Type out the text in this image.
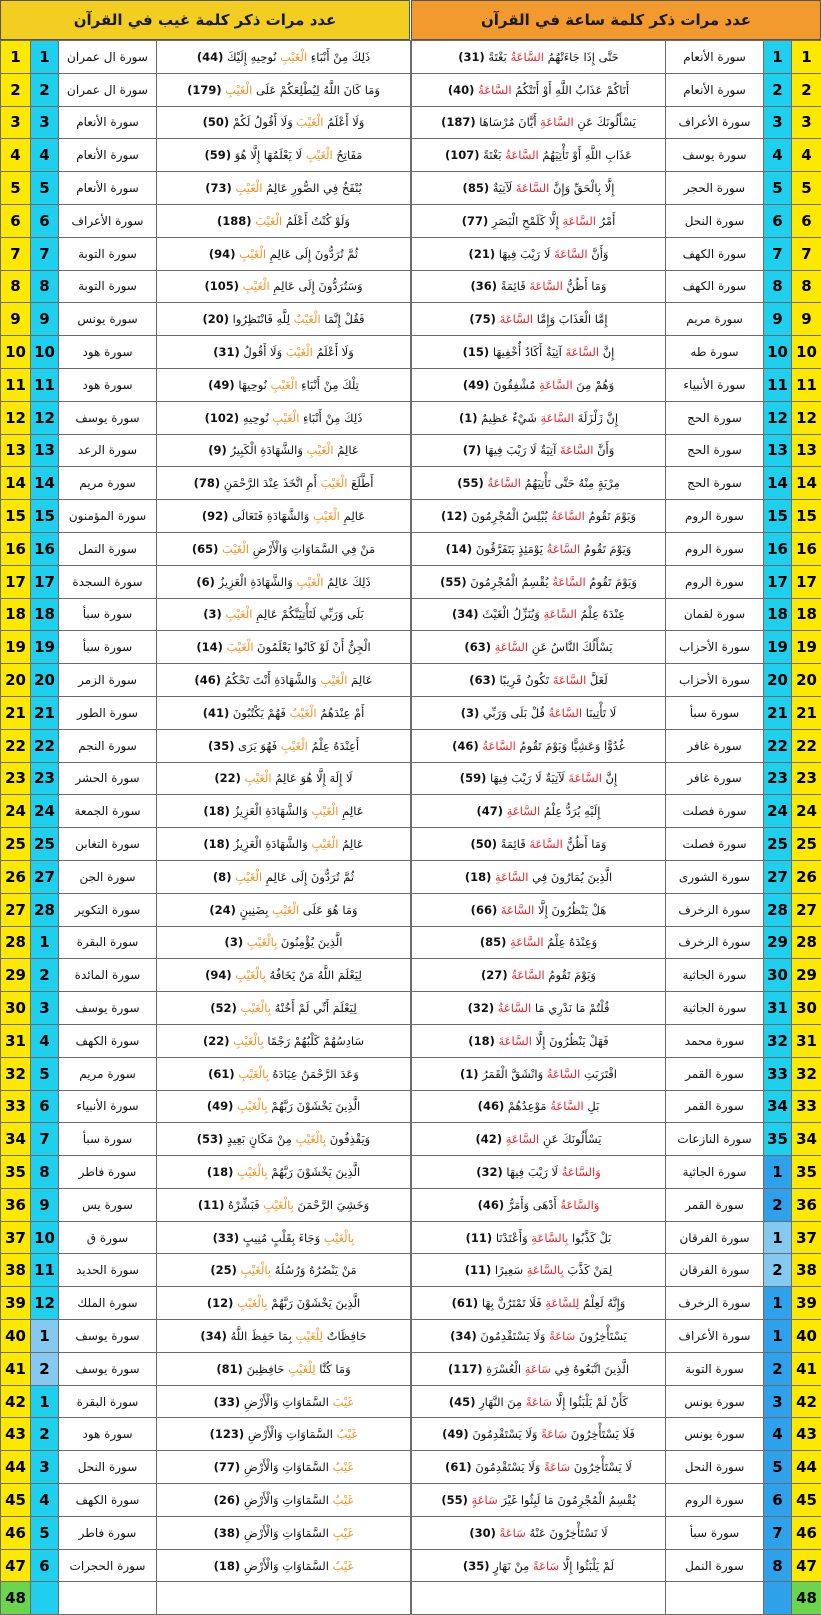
عدد مرات ذكر كلمة ساعة في القرآن
حَتَّى إِذَا جَاءَتْهُمُ السَّاعَةُ بَغْتَةً (31)	سورة الأنعام	1	1
أَتَاكُمْ عَذَابُ اللَّهِ أَوْ أَتَتْكُمُ السَّاعَةُ (40)	سورة الأنعام	2	2
يَسْأَلُونَكَ عَنِ السَّاعَةِ أَيَّانَ مُرْسَاهَا (187)	سورة الأعراف	3	3
عَذَابِ اللَّهِ أَوْ تَأْتِيَهُمُ السَّاعَةُ بَغْتَةً (107)	سورة يوسف	4	4
إِلَّا بِالْحَقِّ وَإِنَّ السَّاعَةَ لَآتِيَةٌ (85)	سورة الحجر	5	5
أَمْرُ السَّاعَةِ إِلَّا كَلَمْحِ الْبَصَرِ (77)	سورة النحل	6	6
وَأَنَّ السَّاعَةَ لَا رَيْبَ فِيهَا (21)	سورة الكهف	7	7
وَمَا أَظُنُّ السَّاعَةَ قَائِمَةً (36)	سورة الكهف	8	8
إِمَّا الْعَذَابَ وَإِمَّا السَّاعَةَ (75)	سورة مريم	9	9
إِنَّ السَّاعَةَ آتِيَةٌ أَكَادُ أُخْفِيهَا (15)	سورة طه	10	10
وَهُمْ مِنَ السَّاعَةِ مُشْفِقُونَ (49)	سورة الأنبياء	11	11
إِنَّ زَلْزَلَةَ السَّاعَةِ شَيْءٌ عَظِيمٌ (1)	سورة الحج	12	12
وَأَنَّ السَّاعَةَ آتِيَةٌ لَا رَيْبَ فِيهَا (7)	سورة الحج	13	13
مِرْيَةٍ مِنْهُ حَتَّى تَأْتِيَهُمُ السَّاعَةُ (55)	سورة الحج	14	14
وَيَوْمَ تَقُومُ السَّاعَةُ يُبْلِسُ الْمُجْرِمُونَ (12)	سورة الروم	15	15
وَيَوْمَ تَقُومُ السَّاعَةُ يَوْمَئِذٍ يَتَفَرَّقُونَ (14)	سورة الروم	16	16
وَيَوْمَ تَقُومُ السَّاعَةُ يُقْسِمُ الْمُجْرِمُونَ (55)	سورة الروم	17	17
عِنْدَهُ عِلْمُ السَّاعَةِ وَيُنَزِّلُ الْغَيْثَ (34)	سورة لقمان	18	18
يَسْأَلُكَ النَّاسُ عَنِ السَّاعَةِ (63)	سورة الأحزاب	19	19
لَعَلَّ السَّاعَةَ تَكُونُ قَرِيبًا (63)	سورة الأحزاب	20	20
لَا تَأْتِينَا السَّاعَةُ قُلْ بَلَى وَرَبِّي (3)	سورة سبأ	21	21
غُدُوًّا وَعَشِيًّا وَيَوْمَ تَقُومُ السَّاعَةُ (46)	سورة غافر	22	22
إِنَّ السَّاعَةَ لَآتِيَةٌ لَا رَيْبَ فِيهَا (59)	سورة غافر	23	23
إِلَيْهِ يُرَدُّ عِلْمُ السَّاعَةِ (47)	سورة فصلت	24	24
وَمَا أَظُنُّ السَّاعَةَ قَائِمَةً (50)	سورة فصلت	25	25
الَّذِينَ يُمَارُونَ فِي السَّاعَةِ (18)	سورة الشورى	27	26
هَلْ يَنْظُرُونَ إِلَّا السَّاعَةَ (66)	سورة الزخرف	28	27
وَعِنْدَهُ عِلْمُ السَّاعَةِ (85)	سورة الزخرف	29	28
وَيَوْمَ تَقُومُ السَّاعَةُ (27)	سورة الجاثية	30	29
قُلْتُمْ مَا نَدْرِي مَا السَّاعَةُ (32)	سورة الجاثية	31	30
فَهَلْ يَنْظُرُونَ إِلَّا السَّاعَةَ (18)	سورة محمد	32	31
اقْتَرَبَتِ السَّاعَةُ وَانْشَقَّ الْقَمَرُ (1)	سورة القمر	33	32
بَلِ السَّاعَةُ مَوْعِدُهُمْ (46)	سورة القمر	34	33
يَسْأَلُونَكَ عَنِ السَّاعَةِ (42)	سورة النازعات	35	34
وَالسَّاعَةُ لَا رَيْبَ فِيهَا (32)	سورة الجاثية	1	35
وَالسَّاعَةُ أَدْهَى وَأَمَرُّ (46)	سورة القمر	2	36
بَلْ كَذَّبُوا بِالسَّاعَةِ وَأَعْتَدْنَا (11)	سورة الفرقان	1	37
لِمَنْ كَذَّبَ بِالسَّاعَةِ سَعِيرًا (11)	سورة الفرقان	2	38
وَإِنَّهُ لَعِلْمٌ لِلسَّاعَةِ فَلَا تَمْتَرُنَّ بِهَا (61)	سورة الزخرف	1	39
يَسْتَأْخِرُونَ سَاعَةً وَلَا يَسْتَقْدِمُونَ (34)	سورة الأعراف	1	40
الَّذِينَ اتَّبَعُوهُ فِي سَاعَةِ الْعُسْرَةِ (117)	سورة التوبة	2	41
كَأَنْ لَمْ يَلْبَثُوا إِلَّا سَاعَةً مِنَ النَّهَارِ (45)	سورة يونس	3	42
فَلَا يَسْتَأْخِرُونَ سَاعَةً وَلَا يَسْتَقْدِمُونَ (49)	سورة يونس	4	43
لَا يَسْتَأْخِرُونَ سَاعَةً وَلَا يَسْتَقْدِمُونَ (61)	سورة النحل	5	44
يُقْسِمُ الْمُجْرِمُونَ مَا لَبِثُوا غَيْرَ سَاعَةٍ (55)	سورة الروم	6	45
لَا تَسْتَأْخِرُونَ عَنْهُ سَاعَةً (30)	سورة سبأ	7	46
لَمْ يَلْبَثُوا إِلَّا سَاعَةً مِنْ نَهَارٍ (35)	سورة النمل	8	47
			48
عدد مرات ذكر كلمة غيب في القرآن
1	1	سورة ال عمران	ذَلِكَ مِنْ أَنْبَاءِ الْغَيْبِ نُوحِيهِ إِلَيْكَ (44)
2	2	سورة ال عمران	وَمَا كَانَ اللَّهُ لِيُطْلِعَكُمْ عَلَى الْغَيْبِ (179)
3	3	سورة الأنعام	وَلَا أَعْلَمُ الْغَيْبَ وَلَا أَقُولُ لَكُمْ (50)
4	4	سورة الأنعام	مَفَاتِحُ الْغَيْبِ لَا يَعْلَمُهَا إِلَّا هُوَ (59)
5	5	سورة الأنعام	يُنْفَخُ فِي الصُّورِ عَالِمُ الْغَيْبِ (73)
6	6	سورة الأعراف	وَلَوْ كُنْتُ أَعْلَمُ الْغَيْبَ (188)
7	7	سورة التوبة	ثُمَّ تُرَدُّونَ إِلَى عَالِمِ الْغَيْبِ (94)
8	8	سورة التوبة	وَسَتُرَدُّونَ إِلَى عَالِمِ الْغَيْبِ (105)
9	9	سورة يونس	فَقُلْ إِنَّمَا الْغَيْبُ لِلَّهِ فَانْتَظِرُوا (20)
10	10	سورة هود	وَلَا أَعْلَمُ الْغَيْبَ وَلَا أَقُولُ (31)
11	11	سورة هود	تِلْكَ مِنْ أَنْبَاءِ الْغَيْبِ نُوحِيهَا (49)
12	12	سورة يوسف	ذَلِكَ مِنْ أَنْبَاءِ الْغَيْبِ نُوحِيهِ (102)
13	13	سورة الرعد	عَالِمُ الْغَيْبِ وَالشَّهَادَةِ الْكَبِيرُ (9)
14	14	سورة مريم	أَطَّلَعَ الْغَيْبَ أَمِ اتَّخَذَ عِنْدَ الرَّحْمَنِ (78)
15	15	سورة المؤمنون	عَالِمِ الْغَيْبِ وَالشَّهَادَةِ فَتَعَالَى (92)
16	16	سورة النمل	مَنْ فِي السَّمَاوَاتِ وَالْأَرْضِ الْغَيْبَ (65)
17	17	سورة السجدة	ذَلِكَ عَالِمُ الْغَيْبِ وَالشَّهَادَةِ الْعَزِيزُ (6)
18	18	سورة سبأ	بَلَى وَرَبِّي لَتَأْتِيَنَّكُمْ عَالِمِ الْغَيْبِ (3)
19	19	سورة سبأ	الْجِنُّ أَنْ لَوْ كَانُوا يَعْلَمُونَ الْغَيْبَ (14)
20	20	سورة الزمر	عَالِمَ الْغَيْبِ وَالشَّهَادَةِ أَنْتَ تَحْكُمُ (46)
21	21	سورة الطور	أَمْ عِنْدَهُمُ الْغَيْبُ فَهُمْ يَكْتُبُونَ (41)
22	22	سورة النجم	أَعِنْدَهُ عِلْمُ الْغَيْبِ فَهُوَ يَرَى (35)
23	23	سورة الحشر	لَا إِلَهَ إِلَّا هُوَ عَالِمُ الْغَيْبِ (22)
24	24	سورة الجمعة	عَالِمِ الْغَيْبِ وَالشَّهَادَةِ الْعَزِيزُ (18)
25	25	سورة التغابن	عَالِمُ الْغَيْبِ وَالشَّهَادَةِ الْعَزِيزُ (18)
26	27	سورة الجن	ثُمَّ تُرَدُّونَ إِلَى عَالِمِ الْغَيْبِ (8)
27	28	سورة التكوير	وَمَا هُوَ عَلَى الْغَيْبِ بِضَنِينٍ (24)
28	1	سورة البقرة	الَّذِينَ يُؤْمِنُونَ بِالْغَيْبِ (3)
29	2	سورة المائدة	لِيَعْلَمَ اللَّهُ مَنْ يَخَافُهُ بِالْغَيْبِ (94)
30	3	سورة يوسف	لِيَعْلَمَ أَنِّي لَمْ أَخُنْهُ بِالْغَيْبِ (52)
31	4	سورة الكهف	سَادِسُهُمْ كَلْبُهُمْ رَجْمًا بِالْغَيْبِ (22)
32	5	سورة مريم	وَعَدَ الرَّحْمَنُ عِبَادَهُ بِالْغَيْبِ (61)
33	6	سورة الأنبياء	الَّذِينَ يَخْشَوْنَ رَبَّهُمْ بِالْغَيْبِ (49)
34	7	سورة سبأ	وَيَقْذِفُونَ بِالْغَيْبِ مِنْ مَكَانٍ بَعِيدٍ (53)
35	8	سورة فاطر	الَّذِينَ يَخْشَوْنَ رَبَّهُمْ بِالْغَيْبِ (18)
36	9	سورة يس	وَخَشِيَ الرَّحْمَنَ بِالْغَيْبِ فَبَشِّرْهُ (11)
37	10	سورة ق	بِالْغَيْبِ وَجَاءَ بِقَلْبٍ مُنِيبٍ (33)
38	11	سورة الحديد	مَنْ يَنْصُرُهُ وَرُسُلَهُ بِالْغَيْبِ (25)
39	12	سورة الملك	الَّذِينَ يَخْشَوْنَ رَبَّهُمْ بِالْغَيْبِ (12)
40	1	سورة يوسف	حَافِظَاتٌ لِلْغَيْبِ بِمَا حَفِظَ اللَّهُ (34)
41	2	سورة يوسف	وَمَا كُنَّا لِلْغَيْبِ حَافِظِينَ (81)
42	1	سورة البقرة	غَيْبَ السَّمَاوَاتِ وَالْأَرْضِ (33)
43	2	سورة هود	غَيْبُ السَّمَاوَاتِ وَالْأَرْضِ (123)
44	3	سورة النحل	غَيْبُ السَّمَاوَاتِ وَالْأَرْضِ (77)
45	4	سورة الكهف	غَيْبُ السَّمَاوَاتِ وَالْأَرْضِ (26)
46	5	سورة فاطر	غَيْبِ السَّمَاوَاتِ وَالْأَرْضِ (38)
47	6	سورة الحجرات	غَيْبُ السَّمَاوَاتِ وَالْأَرْضِ (18)
48			
